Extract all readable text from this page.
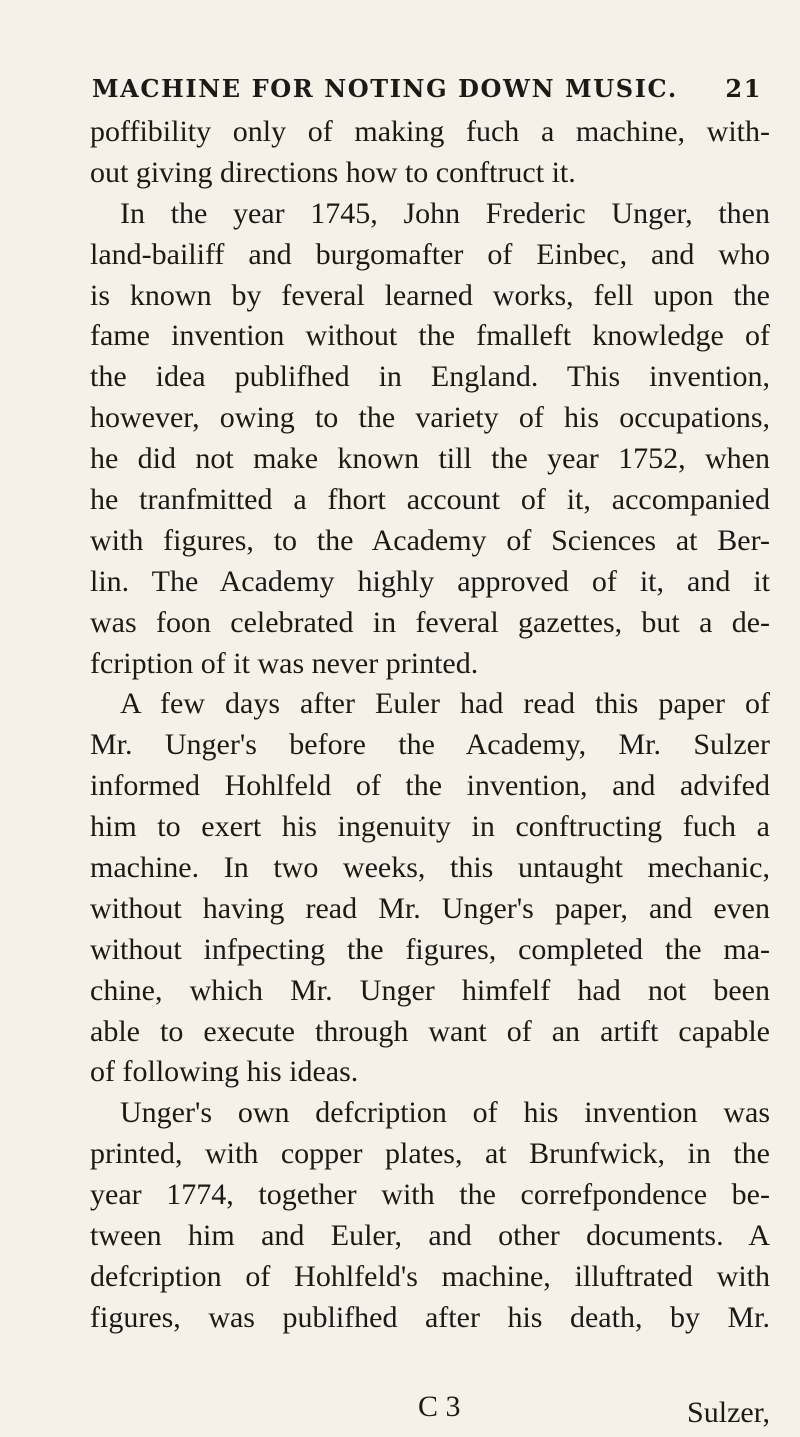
MACHINE FOR NOTING DOWN MUSIC. 21
poffibility only of making fuch a machine, with-
out giving directions how to conftruct it.
In the year 1745, John Frederic Unger, then
land-bailiff and burgomafter of Einbec, and who
is known by feveral learned works, fell upon the
fame invention without the fmalleft knowledge of
the idea publifhed in England. This invention,
however, owing to the variety of his occupations,
he did not make known till the year 1752, when
he tranfmitted a fhort account of it, accompanied
with figures, to the Academy of Sciences at Ber-
lin. The Academy highly approved of it, and it
was foon celebrated in feveral gazettes, but a de-
fcription of it was never printed.
A few days after Euler had read this paper of
Mr. Unger's before the Academy, Mr. Sulzer
informed Hohlfeld of the invention, and advifed
him to exert his ingenuity in conftructing fuch a
machine. In two weeks, this untaught mechanic,
without having read Mr. Unger's paper, and even
without infpecting the figures, completed the ma-
chine, which Mr. Unger himfelf had not been
able to execute through want of an artift capable
of following his ideas.
Unger's own defcription of his invention was
printed, with copper plates, at Brunfwick, in the
year 1774, together with the correfpondence be-
tween him and Euler, and other documents. A
defcription of Hohlfeld's machine, illuftrated with
figures, was publifhed after his death, by Mr.
C 3	Sulzer,
